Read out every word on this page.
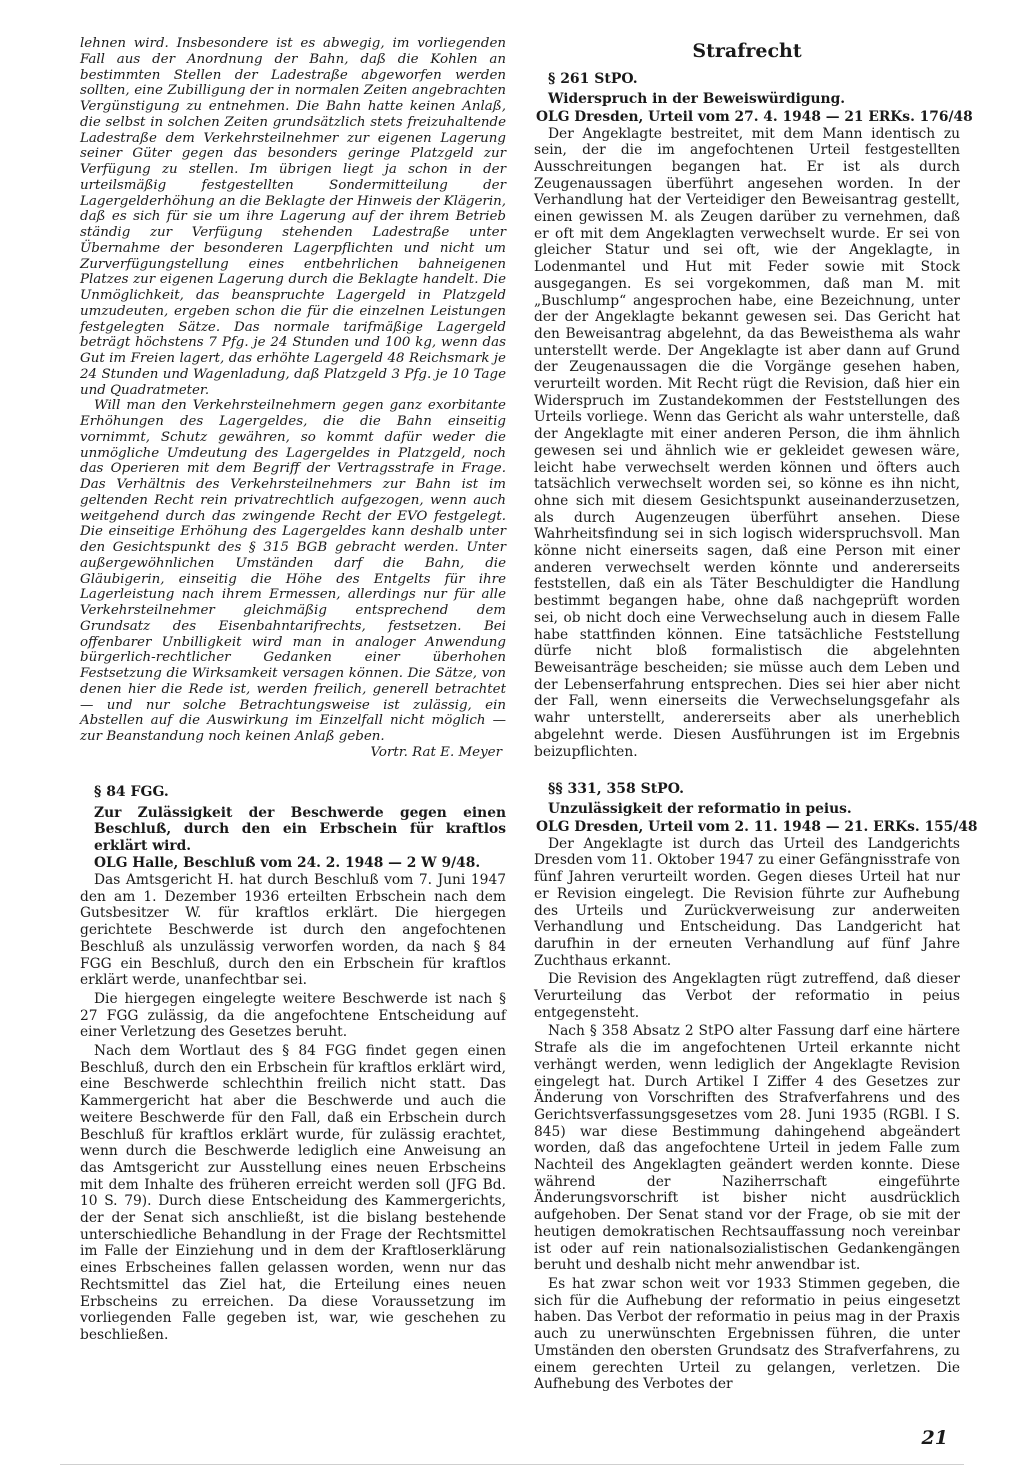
lehnen wird. Insbesondere ist es abwegig, im vorliegenden Fall aus der Anordnung der Bahn, daß die Kohlen an bestimmten Stellen der Ladestraße abgeworfen werden sollten, eine Zubilligung der in normalen Zeiten angebrachten Vergünstigung zu entnehmen. Die Bahn hatte keinen Anlaß, die selbst in solchen Zeiten grundsätzlich stets freizuhaltende Ladestraße dem Verkehrsteilnehmer zur eigenen Lagerung seiner Güter gegen das besonders geringe Platzgeld zur Verfügung zu stellen. Im übrigen liegt ja schon in der urteilsmäßig festgestellten Sondermitteilung der Lagergelderhöhung an die Beklagte der Hinweis der Klägerin, daß es sich für sie um ihre Lagerung auf der ihrem Betrieb ständig zur Verfügung stehenden Ladestraße unter Übernahme der besonderen Lagerpflichten und nicht um Zurverfügungstellung eines entbehrlichen bahneigenen Platzes zur eigenen Lagerung durch die Beklagte handelt. Die Unmöglichkeit, das beanspruchte Lagergeld in Platzgeld umzudeuten, ergeben schon die für die einzelnen Leistungen festgelegten Sätze. Das normale tarifmäßige Lagergeld beträgt höchstens 7 Pfg. je 24 Stunden und 100 kg, wenn das Gut im Freien lagert, das erhöhte Lagergeld 48 Reichsmark je 24 Stunden und Wagenladung, daß Platzgeld 3 Pfg. je 10 Tage und Quadratmeter.

Will man den Verkehrsteilnehmern gegen ganz exorbitante Erhöhungen des Lagergeldes, die die Bahn einseitig vornimmt, Schutz gewähren, so kommt dafür weder die unmögliche Umdeutung des Lagergeldes in Platzgeld, noch das Operieren mit dem Begriff der Vertragsstrafe in Frage. Das Verhältnis des Verkehrsteilnehmers zur Bahn ist im geltenden Recht rein privatrechtlich aufgezogen, wenn auch weitgehend durch das zwingende Recht der EVO festgelegt. Die einseitige Erhöhung des Lagergeldes kann deshalb unter den Gesichtspunkt des § 315 BGB gebracht werden. Unter außergewöhnlichen Umständen darf die Bahn, die Gläubigerin, einseitig die Höhe des Entgelts für ihre Lagerleistung nach ihrem Ermessen, allerdings nur für alle Verkehrsteilnehmer gleichmäßig entsprechend dem Grundsatz des Eisenbahntarifrechts, festsetzen. Bei offenbarer Unbilligkeit wird man in analoger Anwendung bürgerlich-rechtlicher Gedanken einer überhohen Festsetzung die Wirksamkeit versagen können. Die Sätze, von denen hier die Rede ist, werden freilich, generell betrachtet — und nur solche Betrachtungsweise ist zulässig, ein Abstellen auf die Auswirkung im Einzelfall nicht möglich — zur Beanstandung noch keinen Anlaß geben.

Vortr. Rat E. Meyer

§ 84 FGG.
Zur Zulässigkeit der Beschwerde gegen einen Beschluß, durch den ein Erbschein für kraftlos erklärt wird.
OLG Halle, Beschluß vom 24. 2. 1948 — 2 W 9/48.

Das Amtsgericht H. hat durch Beschluß vom 7. Juni 1947 den am 1. Dezember 1936 erteilten Erbschein nach dem Gutsbesitzer W. für kraftlos erklärt. Die hiergegen gerichtete Beschwerde ist durch den angefochtenen Beschluß als unzulässig verworfen worden, da nach § 84 FGG ein Beschluß, durch den ein Erbschein für kraftlos erklärt werde, unanfechtbar sei.

Die hiergegen eingelegte weitere Beschwerde ist nach § 27 FGG zulässig, da die angefochtene Entscheidung auf einer Verletzung des Gesetzes beruht.

Nach dem Wortlaut des § 84 FGG findet gegen einen Beschluß, durch den ein Erbschein für kraftlos erklärt wird, eine Beschwerde schlechthin freilich nicht statt. Das Kammergericht hat aber die Beschwerde und auch die weitere Beschwerde für den Fall, daß ein Erbschein durch Beschluß für kraftlos erklärt wurde, für zulässig erachtet, wenn durch die Beschwerde lediglich eine Anweisung an das Amtsgericht zur Ausstellung eines neuen Erbscheins mit dem Inhalte des früheren erreicht werden soll (JFG Bd. 10 S. 79). Durch diese Entscheidung des Kammergerichts, der der Senat sich anschließt, ist die bislang bestehende unterschiedliche Behandlung in der Frage der Rechtsmittel im Falle der Einziehung und in dem der Kraftloserklärung eines Erbscheines fallen gelassen worden, wenn nur das Rechtsmittel das Ziel hat, die Erteilung eines neuen Erbscheins zu erreichen. Da diese Voraussetzung im vorliegenden Falle gegeben ist, war, wie geschehen zu beschließen.

Strafrecht
§ 261 StPO.
Widerspruch in der Beweiswürdigung.
OLG Dresden, Urteil vom 27. 4. 1948 — 21 ERKs. 176/48

Der Angeklagte bestreitet, mit dem Mann identisch zu sein, der die im angefochtenen Urteil festgestellten Ausschreitungen begangen hat. Er ist als durch Zeugenaussagen überführt angesehen worden. In der Verhandlung hat der Verteidiger den Beweisantrag gestellt, einen gewissen M. als Zeugen darüber zu vernehmen, daß er oft mit dem Angeklagten verwechselt wurde. Er sei von gleicher Statur und sei oft, wie der Angeklagte, in Lodenmantel und Hut mit Feder sowie mit Stock ausgegangen. Es sei vorgekommen, daß man M. mit „Buschlump“ angesprochen habe, eine Bezeichnung, unter der der Angeklagte bekannt gewesen sei. Das Gericht hat den Beweisantrag abgelehnt, da das Beweisthema als wahr unterstellt werde. Der Angeklagte ist aber dann auf Grund der Zeugenaussagen die die Vorgänge gesehen haben, verurteilt worden. Mit Recht rügt die Revision, daß hier ein Widerspruch im Zustandekommen der Feststellungen des Urteils vorliege. Wenn das Gericht als wahr unterstelle, daß der Angeklagte mit einer anderen Person, die ihm ähnlich gewesen sei und ähnlich wie er gekleidet gewesen wäre, leicht habe verwechselt werden können und öfters auch tatsächlich verwechselt worden sei, so könne es ihn nicht, ohne sich mit diesem Gesichtspunkt auseinanderzusetzen, als durch Augenzeugen überführt ansehen. Diese Wahrheitsfindung sei in sich logisch widerspruchsvoll. Man könne nicht einerseits sagen, daß eine Person mit einer anderen verwechselt werden könnte und andererseits feststellen, daß ein als Täter Beschuldigter die Handlung bestimmt begangen habe, ohne daß nachgeprüft worden sei, ob nicht doch eine Verwechselung auch in diesem Falle habe stattfinden können. Eine tatsächliche Feststellung dürfe nicht bloß formalistisch die abgelehnten Beweisanträge bescheiden; sie müsse auch dem Leben und der Lebenserfahrung entsprechen. Dies sei hier aber nicht der Fall, wenn einerseits die Verwechselungsgefahr als wahr unterstellt, andererseits aber als unerheblich abgelehnt werde. Diesen Ausführungen ist im Ergebnis beizupflichten.

§§ 331, 358 StPO.
Unzulässigkeit der reformatio in peius.
OLG Dresden, Urteil vom 2. 11. 1948 — 21. ERKs. 155/48

Der Angeklagte ist durch das Urteil des Landgerichts Dresden vom 11. Oktober 1947 zu einer Gefängnisstrafe von fünf Jahren verurteilt worden. Gegen dieses Urteil hat nur er Revision eingelegt. Die Revision führte zur Aufhebung des Urteils und Zurückverweisung zur anderweiten Verhandlung und Entscheidung. Das Landgericht hat darufhin in der erneuten Verhandlung auf fünf Jahre Zuchthaus erkannt.

Die Revision des Angeklagten rügt zutreffend, daß dieser Verurteilung das Verbot der reformatio in peius entgegensteht.

Nach § 358 Absatz 2 StPO alter Fassung darf eine härtere Strafe als die im angefochtenen Urteil erkannte nicht verhängt werden, wenn lediglich der Angeklagte Revision eingelegt hat. Durch Artikel I Ziffer 4 des Gesetzes zur Änderung von Vorschriften des Strafverfahrens und des Gerichtsverfassungsgesetzes vom 28. Juni 1935 (RGBl. I S. 845) war diese Bestimmung dahingehend abgeändert worden, daß das angefochtene Urteil in jedem Falle zum Nachteil des Angeklagten geändert werden konnte. Diese während der Naziherrschaft eingeführte Änderungsvorschrift ist bisher nicht ausdrücklich aufgehoben. Der Senat stand vor der Frage, ob sie mit der heutigen demokratischen Rechtsauffassung noch vereinbar ist oder auf rein nationalsozialistischen Gedankengängen beruht und deshalb nicht mehr anwendbar ist.

Es hat zwar schon weit vor 1933 Stimmen gegeben, die sich für die Aufhebung der reformatio in peius eingesetzt haben. Das Verbot der reformatio in peius mag in der Praxis auch zu unerwünschten Ergebnissen führen, die unter Umständen den obersten Grundsatz des Strafverfahrens, zu einem gerechten Urteil zu gelangen, verletzen. Die Aufhebung des Verbotes der

21
